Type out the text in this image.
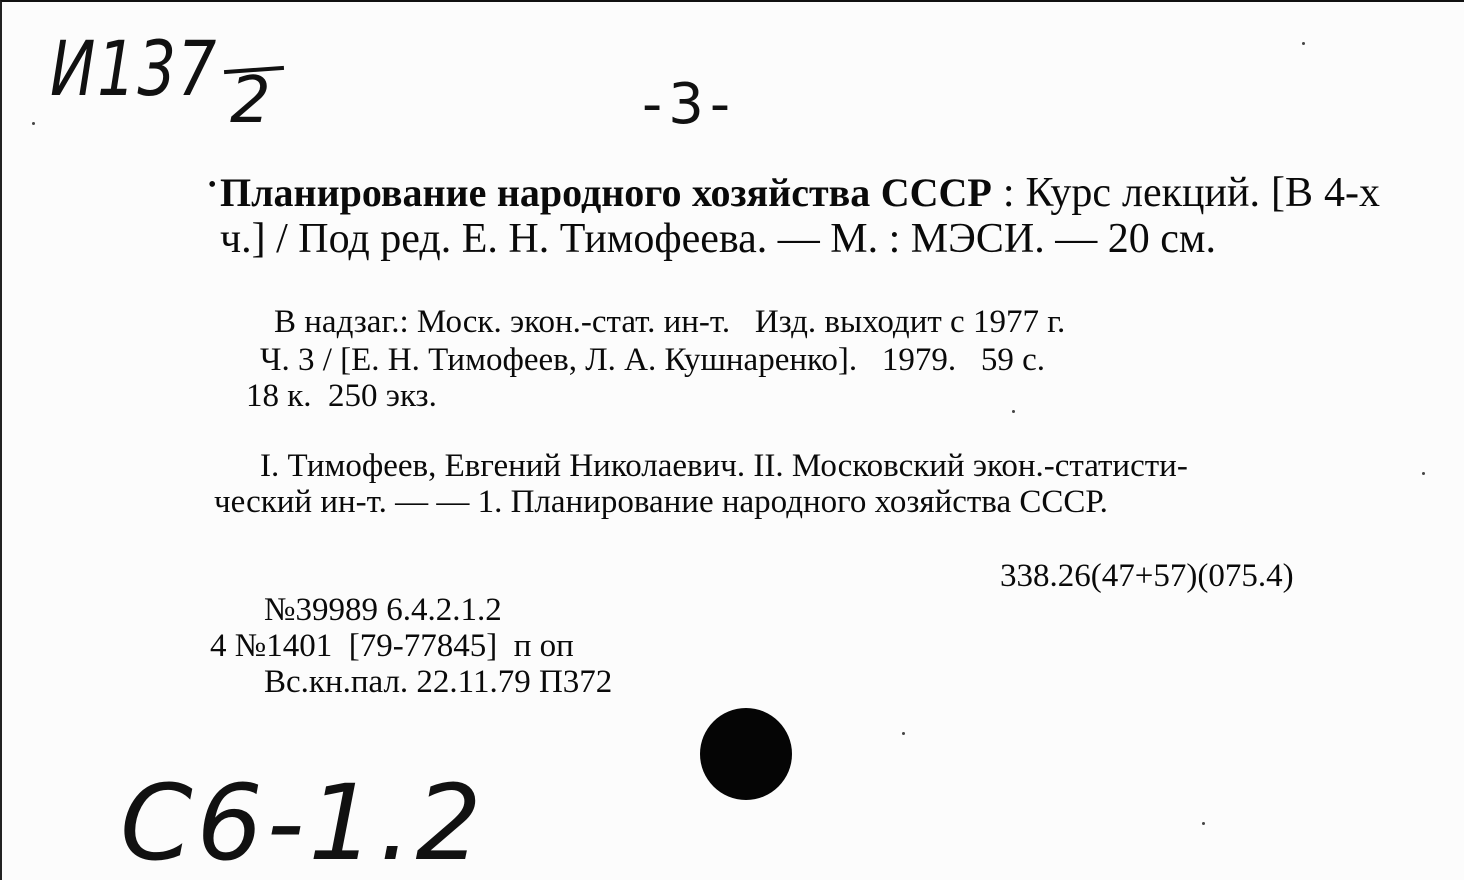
И137 2	-3-
• Планирование народного хозяйства СССР : Курс лекций. [В 4-х ч.] / Под ред. Е. Н. Тимофеева. — М. : МЭСИ. — 20 см.
В надзаг.: Моск. экон.-стат. ин-т.   Изд. выходит с 1977 г.
Ч. 3 / [Е. Н. Тимофеев, Л. А. Кушнаренко].   1979.   59 с.
18 к.  250 экз.
I. Тимофеев, Евгений Николаевич. II. Московский экон.-статисти-
ческий ин-т. — — 1. Планирование народного хозяйства СССР.
338.26(47+57)(075.4)
№39989 6.4.2.1.2
4 №1401  [79-77845]  п оп
Вс.кн.пал. 22.11.79 П372
С6-1.2
